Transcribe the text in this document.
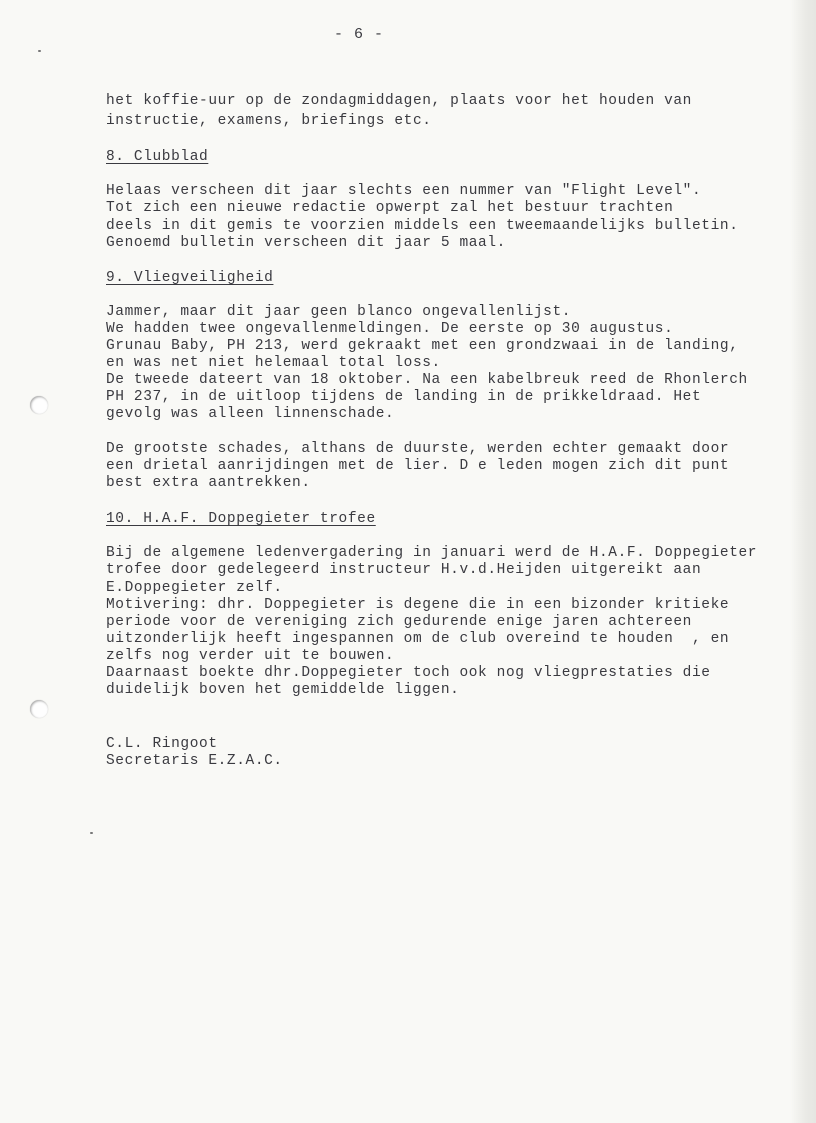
- 6 -
het koffie-uur op de zondagmiddagen, plaats voor het houden van
instructie, examens, briefings etc.
8. Clubblad
Helaas verscheen dit jaar slechts een nummer van "Flight Level".
Tot zich een nieuwe redactie opwerpt zal het bestuur trachten
deels in dit gemis te voorzien middels een tweemaandelijks bulletin.
Genoemd bulletin verscheen dit jaar 5 maal.
9. Vliegveiligheid
Jammer, maar dit jaar geen blanco ongevallenlijst.
We hadden twee ongevallenmeldingen. De eerste op 30 augustus.
Grunau Baby, PH 213, werd gekraakt met een grondzwaai in de landing,
en was net niet helemaal total loss.
De tweede dateert van 18 oktober. Na een kabelbreuk reed de Rhonlerch
PH 237, in de uitloop tijdens de landing in de prikkeldraad. Het
gevolg was alleen linnenschade.
De grootste schades, althans de duurste, werden echter gemaakt door
een drietal aanrijdingen met de lier. D e leden mogen zich dit punt
best extra aantrekken.
10. H.A.F. Doppegieter trofee
Bij de algemene ledenvergadering in januari werd de H.A.F. Doppegieter
trofee door gedelegeerd instructeur H.v.d.Heijden uitgereikt aan
E.Doppegieter zelf.
Motivering: dhr. Doppegieter is degene die in een bizonder kritieke
periode voor de vereniging zich gedurende enige jaren achtereen
uitzonderlijk heeft ingespannen om de club overeind te houden  , en
zelfs nog verder uit te bouwen.
Daarnaast boekte dhr.Doppegieter toch ook nog vliegprestaties die
duidelijk boven het gemiddelde liggen.
C.L. Ringoot
Secretaris E.Z.A.C.
